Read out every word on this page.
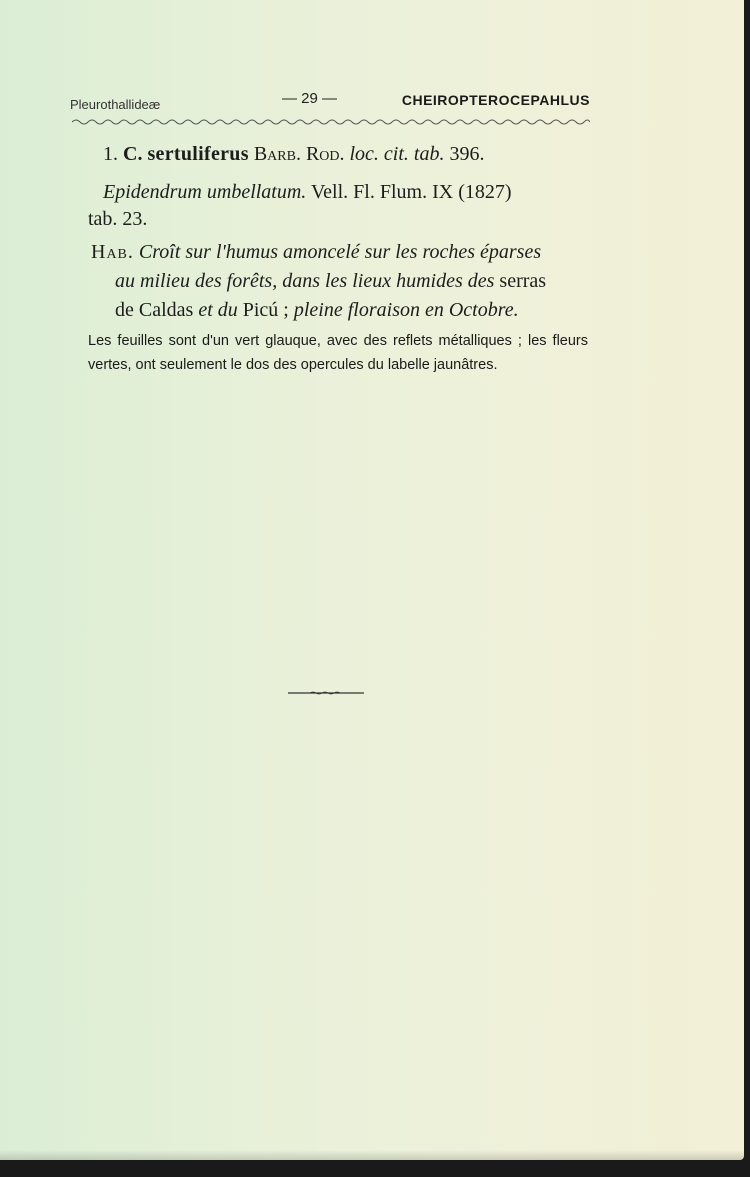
Pleurothallideæ	— 29 —	CHEIROPTEROCEPAHLUS
1. C. sertuliferus Barb. Rod. loc. cit. tab. 396.
Epidendrum umbellatum. Vell. Fl. Flum. IX (1827)
tab. 23.
Hab. Croît sur l'humus amoncelé sur les roches éparses
au milieu des forêts, dans les lieux humides des serras
de Caldas et du Picú ; pleine floraison en Octobre.
Les feuilles sont d'un vert glauque, avec des reflets métalliques ; les fleurs vertes, ont seulement le dos des opercules du labelle jaunâtres.
